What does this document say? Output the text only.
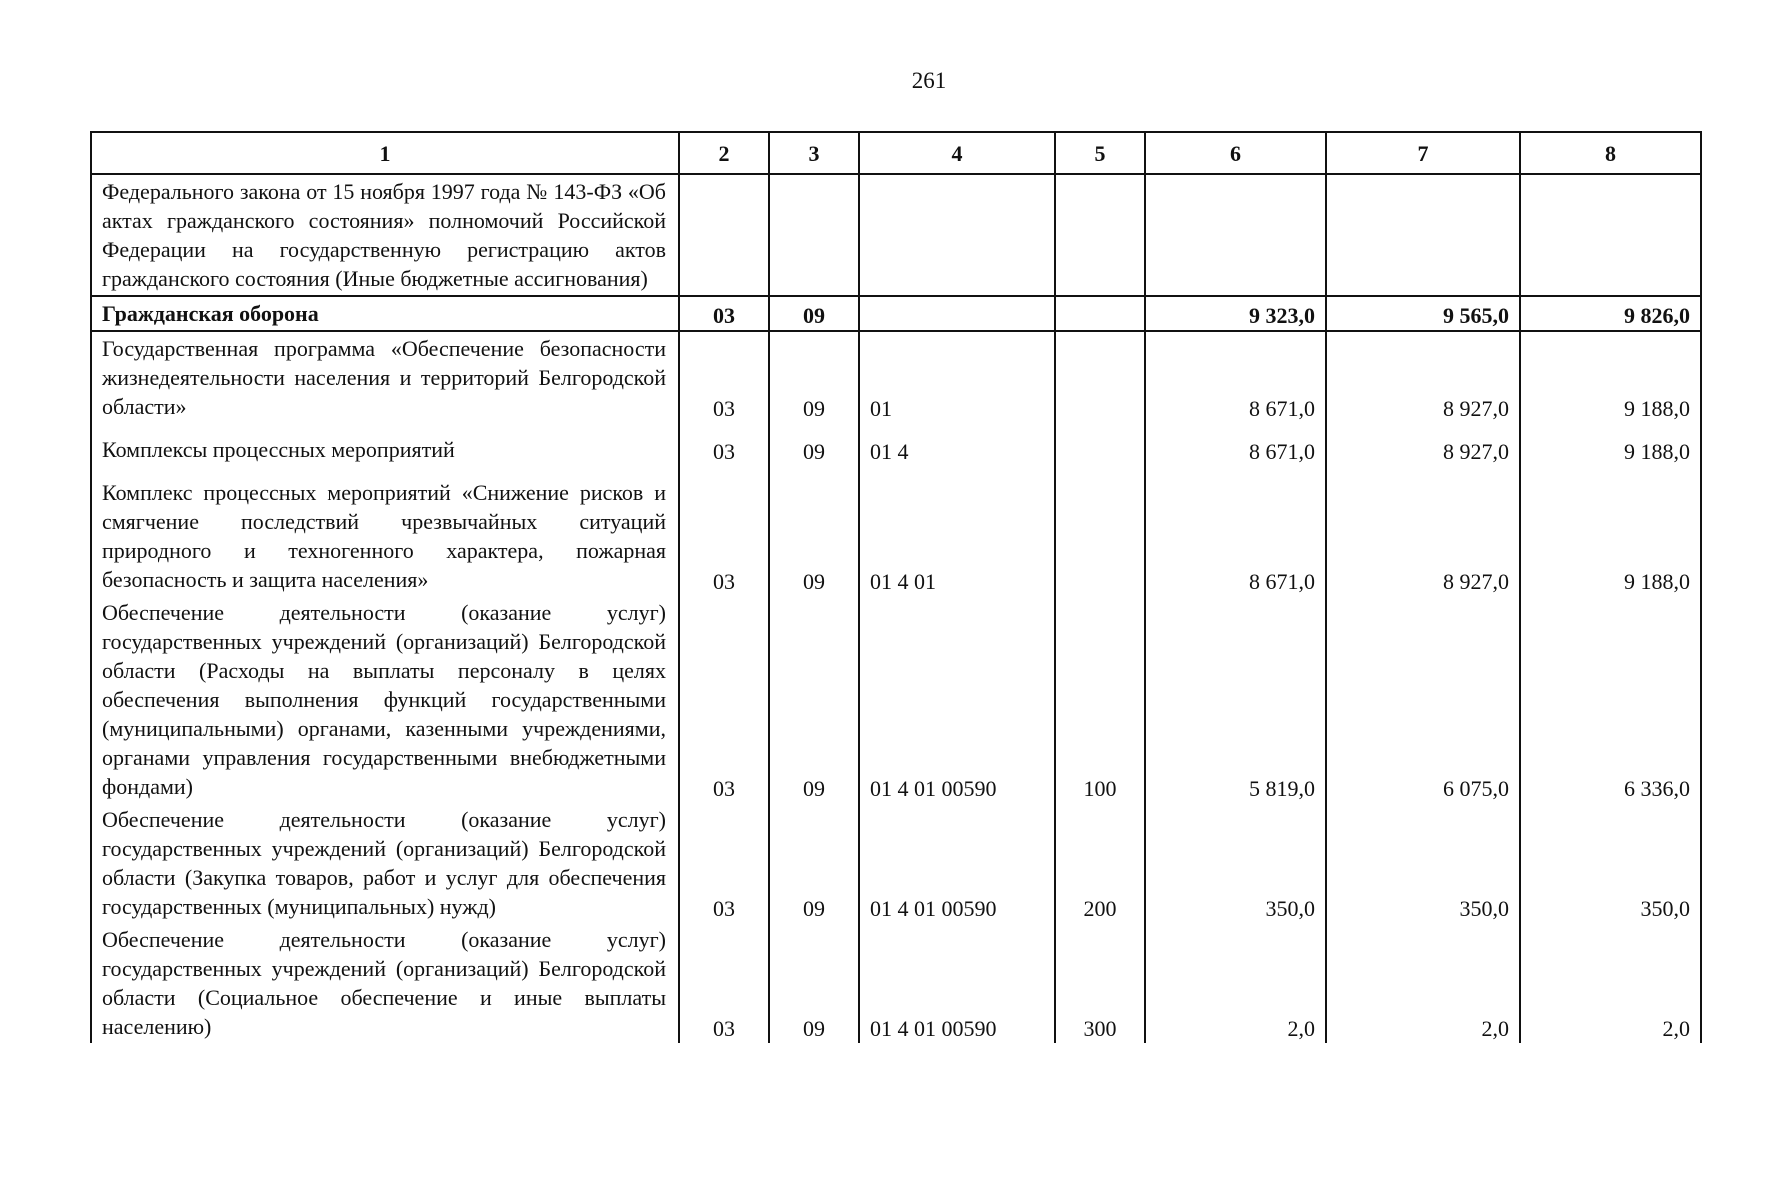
261
1	2	3	4	5	6	7	8
Федерального закона от 15 ноября 1997 года № 143-ФЗ «Об актах гражданского состояния» полномочий Российской Федерации на государственную регистрацию актов гражданского состояния (Иные бюджетные ассигнования)							
Гражданская оборона	03	09			9 323,0	9 565,0	9 826,0
Государственная программа «Обеспечение безопасности жизнедеятельности населения и территорий Белгородской области»	03	09	01		8 671,0	8 927,0	9 188,0
Комплексы процессных мероприятий	03	09	01 4		8 671,0	8 927,0	9 188,0
Комплекс процессных мероприятий «Снижение рисков и смягчение последствий чрезвычайных ситуаций природного и техногенного характера, пожарная безопасность и защита населения»	03	09	01 4 01		8 671,0	8 927,0	9 188,0
Обеспечение деятельности (оказание услуг) государственных учреждений (организаций) Белгородской области (Расходы на выплаты персоналу в целях обеспечения выполнения функций государственными (муниципальными) органами, казенными учреждениями, органами управления государственными внебюджетными фондами)	03	09	01 4 01 00590	100	5 819,0	6 075,0	6 336,0
Обеспечение деятельности (оказание услуг) государственных учреждений (организаций) Белгородской области (Закупка товаров, работ и услуг для обеспечения государственных (муниципальных) нужд)	03	09	01 4 01 00590	200	350,0	350,0	350,0
Обеспечение деятельности (оказание услуг) государственных учреждений (организаций) Белгородской области (Социальное обеспечение и иные выплаты населению)	03	09	01 4 01 00590	300	2,0	2,0	2,0
